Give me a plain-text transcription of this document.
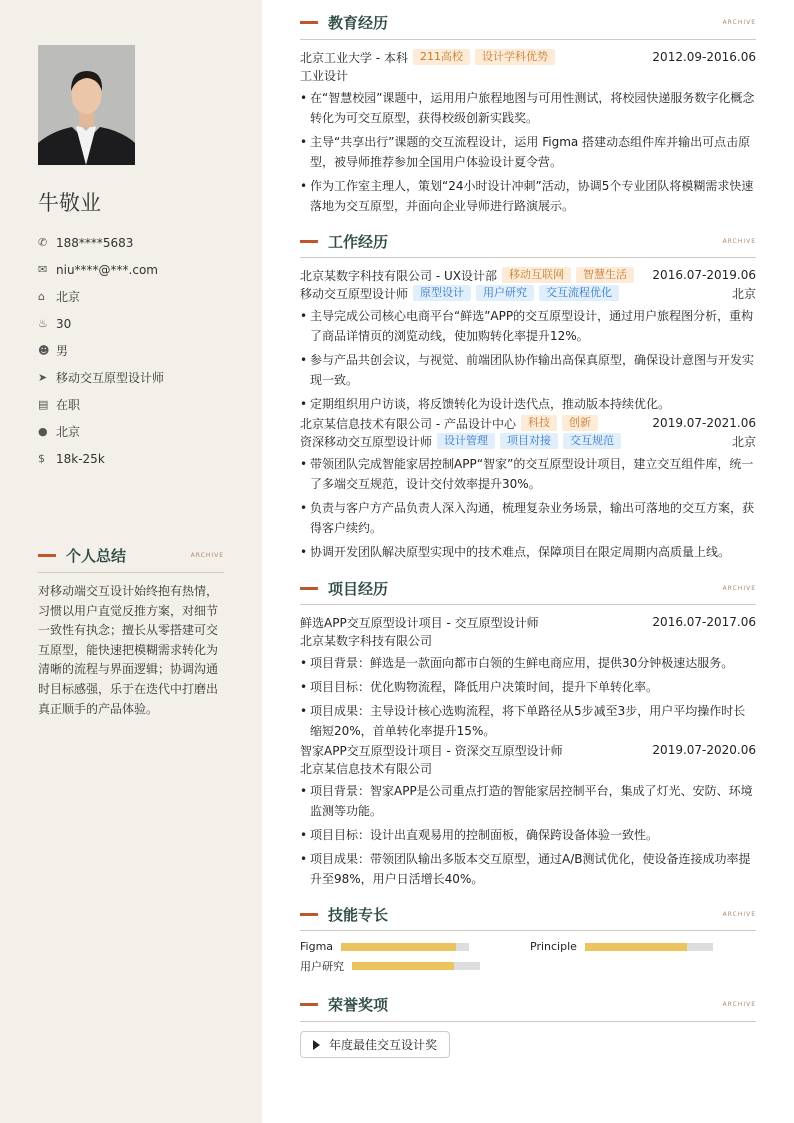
牛敬业
✆ 188****5683
✉ niu****@***.com
⌂ 北京
♨ 30
☻ 男
➤ 移动交互原型设计师
▤ 在职
● 北京
$ 18k-25k
个人总结	ARCHIVE
对移动端交互设计始终抱有热情，习惯以用户直觉反推方案，对细节一致性有执念；擅长从零搭建可交互原型，能快速把模糊需求转化为清晰的流程与界面逻辑；协调沟通时目标感强，乐于在迭代中打磨出真正顺手的产品体验。
教育经历	ARCHIVE
北京工业大学 - 本科	211高校	设计学科优势	2012.09-2016.06
工业设计
• 在“智慧校园”课题中，运用用户旅程地图与可用性测试，将校园快递服务数字化概念转化为可交互原型，获得校级创新实践奖。
• 主导“共享出行”课题的交互流程设计，运用 Figma 搭建动态组件库并输出可点击原型，被导师推荐参加全国用户体验设计夏令营。
• 作为工作室主理人，策划“24小时设计冲刺”活动，协调5个专业团队将模糊需求快速落地为交互原型，并面向企业导师进行路演展示。
工作经历	ARCHIVE
北京某数字科技有限公司 - UX设计部	移动互联网	智慧生活	2016.07-2019.06
移动交互原型设计师	原型设计	用户研究	交互流程优化	北京
• 主导完成公司核心电商平台“鲜选”APP的交互原型设计，通过用户旅程图分析，重构了商品详情页的浏览动线，使加购转化率提升12%。
• 参与产品共创会议，与视觉、前端团队协作输出高保真原型，确保设计意图与开发实现一致。
• 定期组织用户访谈，将反馈转化为设计迭代点，推动版本持续优化。
北京某信息技术有限公司 - 产品设计中心	科技	创新	2019.07-2021.06
资深移动交互原型设计师	设计管理	项目对接	交互规范	北京
• 带领团队完成智能家居控制APP“智家”的交互原型设计项目，建立交互组件库，统一了多端交互规范，设计交付效率提升30%。
• 负责与客户方产品负责人深入沟通，梳理复杂业务场景，输出可落地的交互方案，获得客户续约。
• 协调开发团队解决原型实现中的技术难点，保障项目在限定周期内高质量上线。
项目经历	ARCHIVE
鲜选APP交互原型设计项目 - 交互原型设计师	2016.07-2017.06
北京某数字科技有限公司
• 项目背景：鲜选是一款面向都市白领的生鲜电商应用，提供30分钟极速达服务。
• 项目目标：优化购物流程，降低用户决策时间，提升下单转化率。
• 项目成果：主导设计核心选购流程，将下单路径从5步减至3步，用户平均操作时长缩短20%，首单转化率提升15%。
智家APP交互原型设计项目 - 资深交互原型设计师	2019.07-2020.06
北京某信息技术有限公司
• 项目背景：智家APP是公司重点打造的智能家居控制平台，集成了灯光、安防、环境监测等功能。
• 项目目标：设计出直观易用的控制面板，确保跨设备体验一致性。
• 项目成果：带领团队输出多版本交互原型，通过A/B测试优化，使设备连接成功率提升至98%，用户日活增长40%。
技能专长	ARCHIVE
Figma	Principle
用户研究
荣誉奖项	ARCHIVE
年度最佳交互设计奖
